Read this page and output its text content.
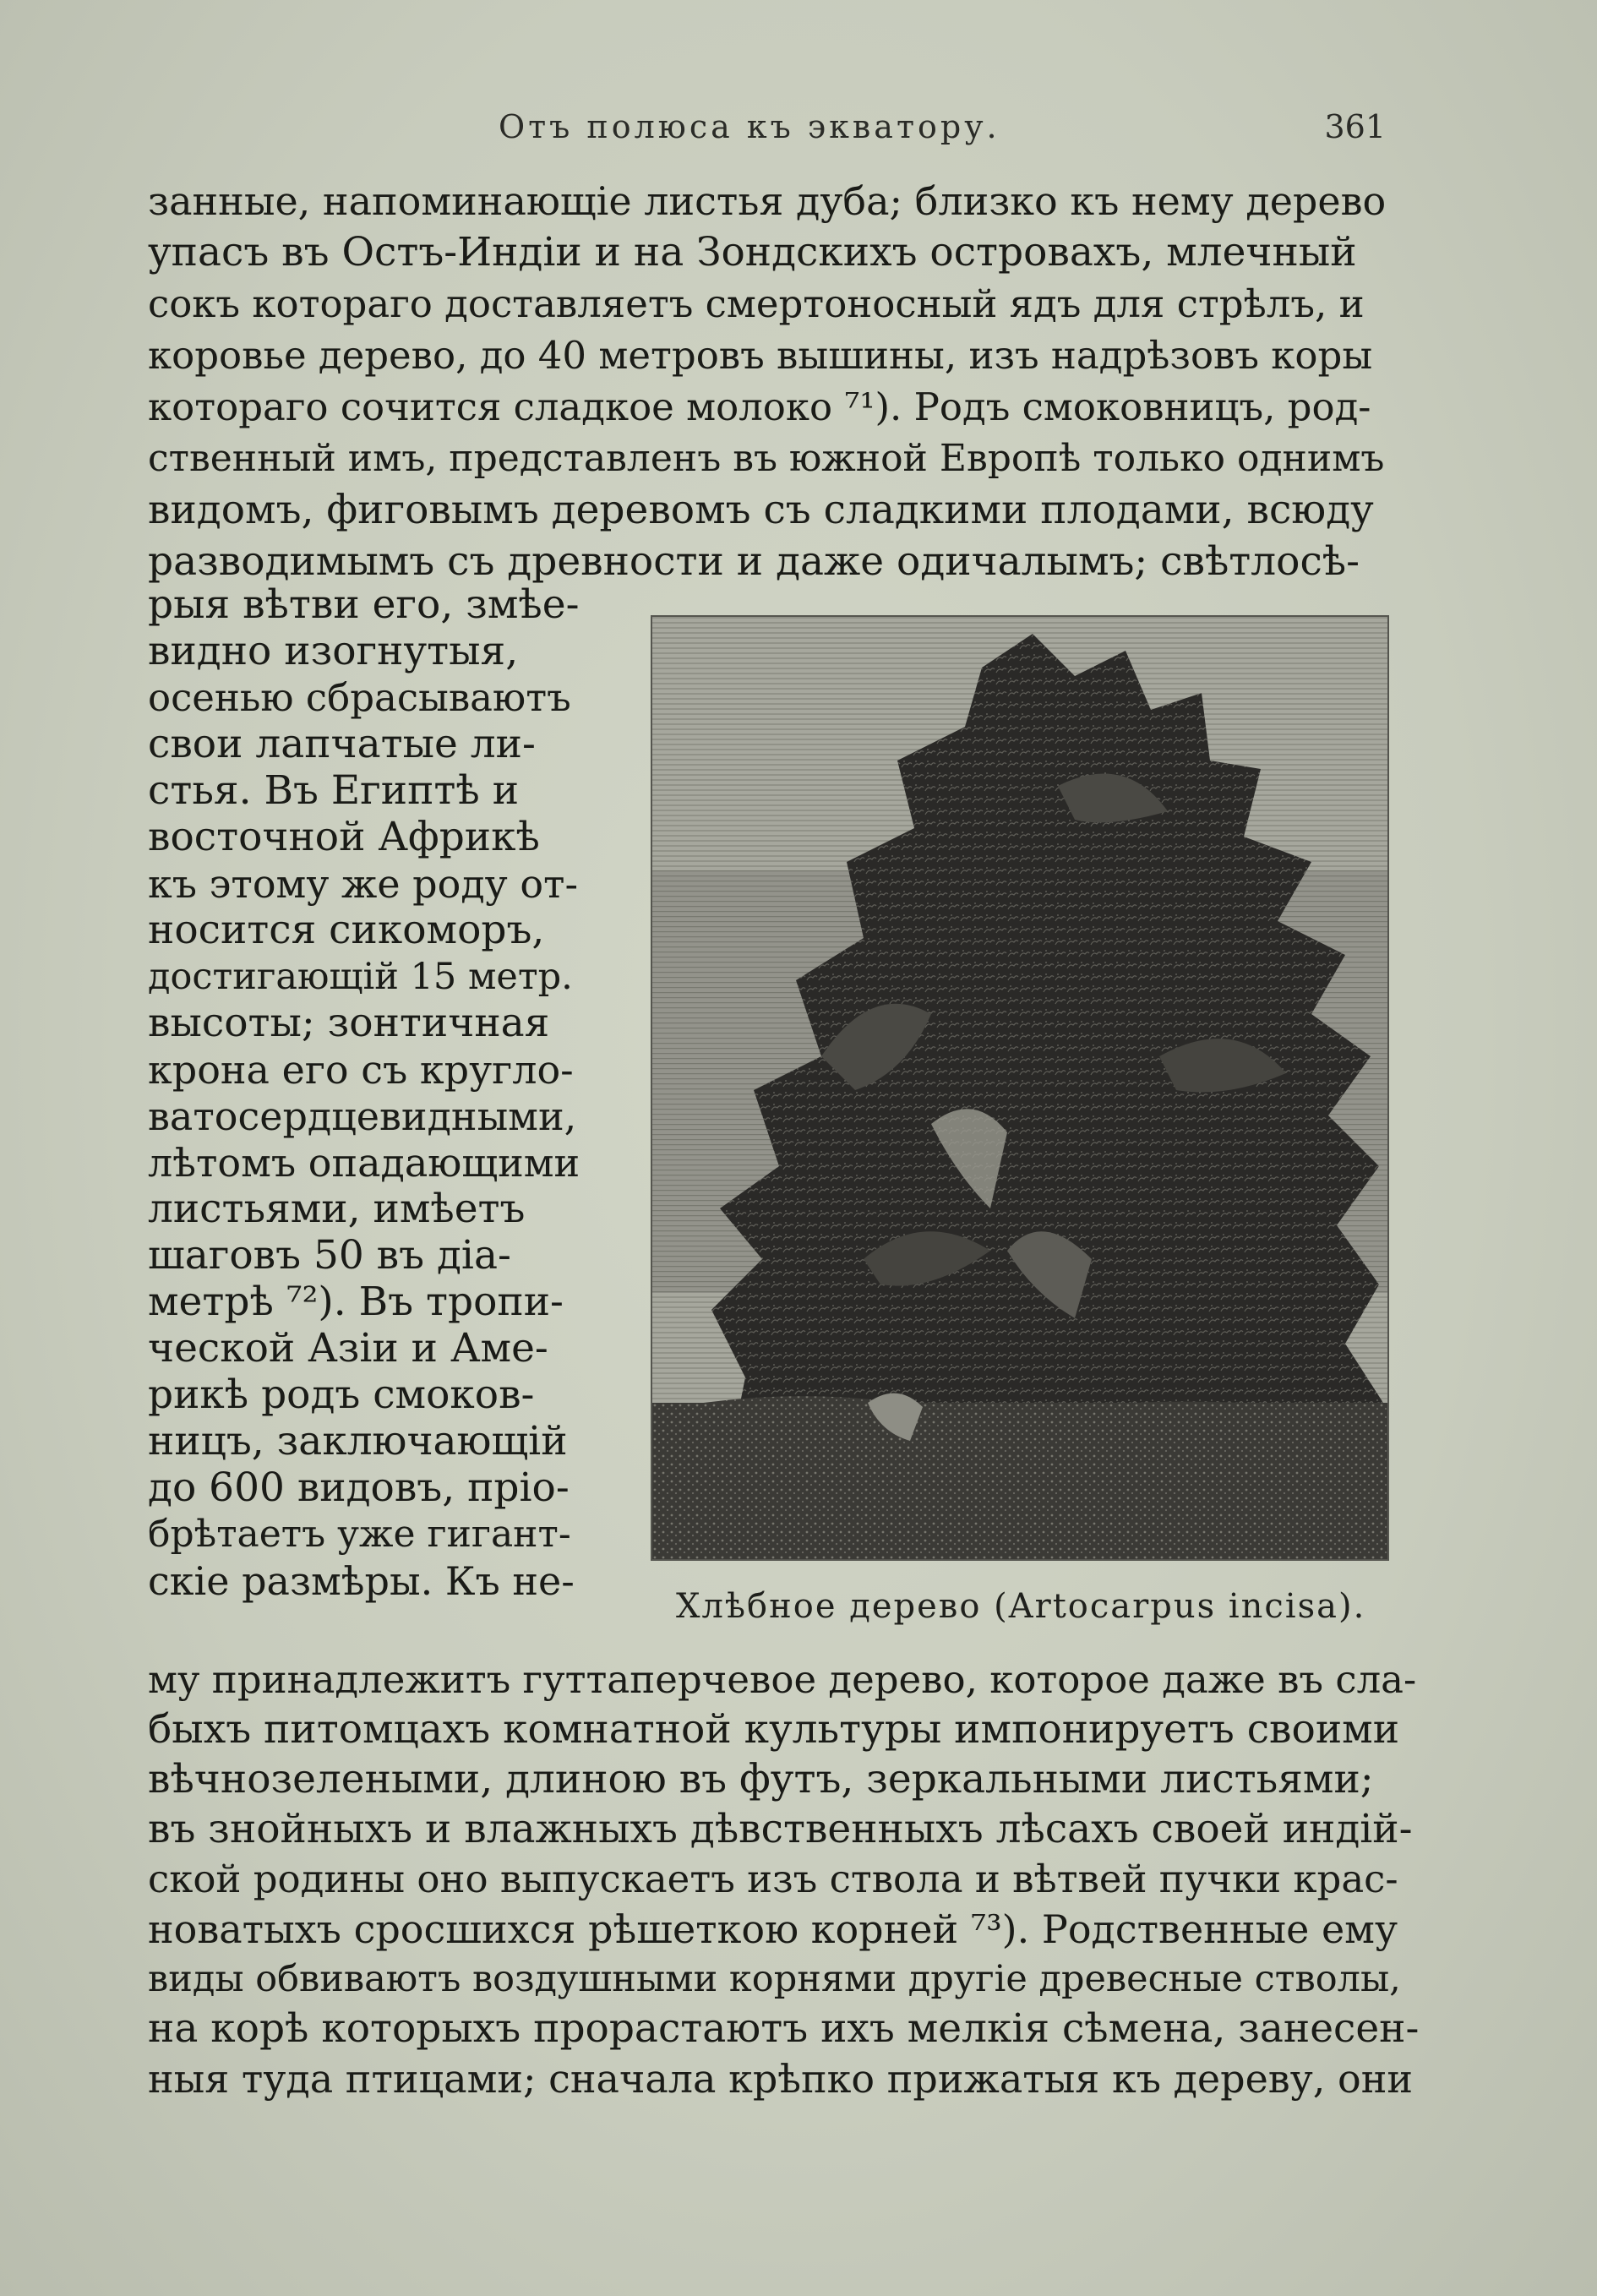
Отъ полюса къ экватору.	361
занные, напоминающіе листья дуба; близко къ нему дерево
упасъ въ Остъ-Индіи и на Зондскихъ островахъ, млечный
сокъ котораго доставляетъ смертоносный ядъ для стрѣлъ, и
коровье дерево, до 40 метровъ вышины, изъ надрѣзовъ коры
котораго сочится сладкое молоко ⁷¹). Родъ смоковницъ, род-
ственный имъ, представленъ въ южной Европѣ только однимъ
видомъ, фиговымъ деревомъ съ сладкими плодами, всюду
разводимымъ съ древности и даже одичалымъ; свѣтлосѣ-
рыя вѣтви его, змѣе-
видно изогнутыя,
осенью сбрасываютъ
свои лапчатые ли-
стья. Въ Египтѣ и
восточной Африкѣ
къ этому же роду от-
носится сикоморъ,
достигающій 15 метр.
высоты; зонтичная
крона его съ кругло-
ватосердцевидными,
лѣтомъ опадающими
листьями, имѣетъ
шаговъ 50 въ діа-
метрѣ ⁷²). Въ тропи-
ческой Азіи и Аме-
рикѣ родъ смоков-
ницъ, заключающій
до 600 видовъ, пріо-
брѣтаетъ уже гигант-
скіе размѣры. Къ не-
Хлѣбное дерево (Artocarpus incisa).
му принадлежитъ гуттаперчевое дерево, которое даже въ сла-
быхъ питомцахъ комнатной культуры импонируетъ своими
вѣчнозелеными, длиною въ футъ, зеркальными листьями;
въ знойныхъ и влажныхъ дѣвственныхъ лѣсахъ своей индій-
ской родины оно выпускаетъ изъ ствола и вѣтвей пучки крас-
новатыхъ сросшихся рѣшеткою корней ⁷³). Родственные ему
виды обвиваютъ воздушными корнями другіе древесные стволы,
на корѣ которыхъ прорастаютъ ихъ мелкія сѣмена, занесен-
ныя туда птицами; сначала крѣпко прижатыя къ дереву, они
